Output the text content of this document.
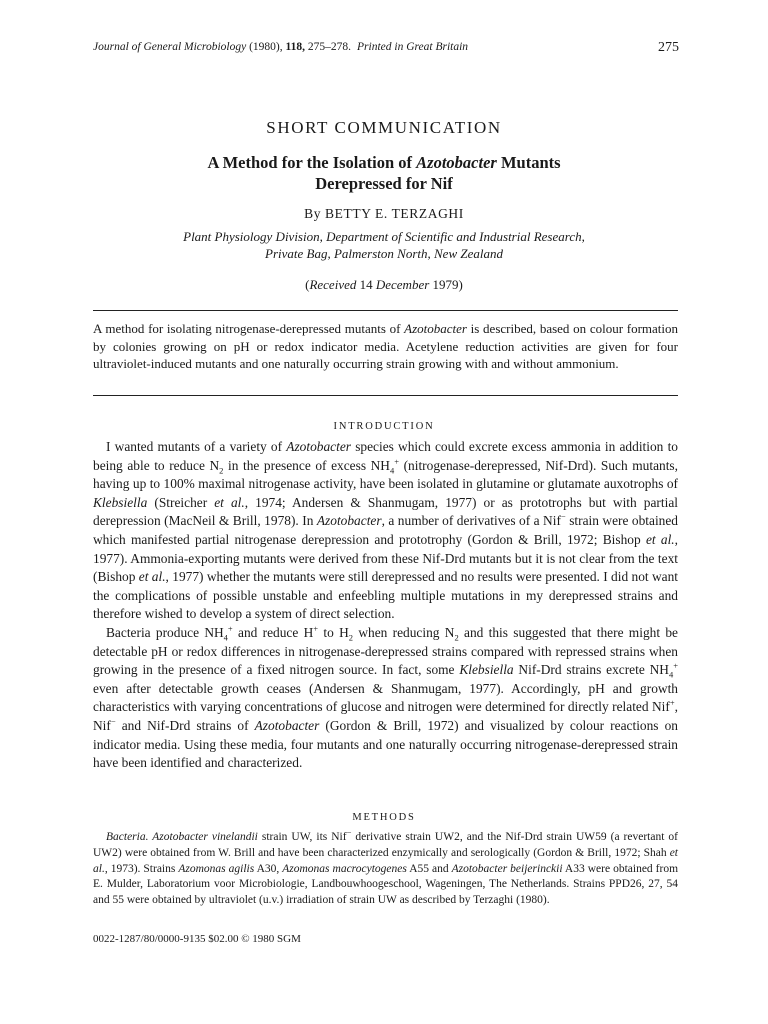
Journal of General Microbiology (1980), 118, 275–278. Printed in Great Britain	275
SHORT COMMUNICATION
A Method for the Isolation of Azotobacter Mutants
Derepressed for Nif
By BETTY E. TERZAGHI
Plant Physiology Division, Department of Scientific and Industrial Research,
Private Bag, Palmerston North, New Zealand
(Received 14 December 1979)
A method for isolating nitrogenase-derepressed mutants of Azotobacter is described, based on colour formation by colonies growing on pH or redox indicator media. Acetylene reduction activities are given for four ultraviolet-induced mutants and one naturally occurring strain growing with and without ammonium.
INTRODUCTION

I wanted mutants of a variety of Azotobacter species which could excrete excess ammonia in addition to being able to reduce $N_2$ in the presence of excess $NH_4^+$ (nitrogenase-derepressed, Nif-Drd). Such mutants, having up to 100% maximal nitrogenase activity, have been isolated in glutamine or glutamate auxotrophs of Klebsiella (Streicher et al., 1974; Andersen & Shanmugam, 1977) or as prototrophs but with partial derepression (MacNeil & Brill, 1978). In Azotobacter, a number of derivatives of a Nif− strain were obtained which manifested partial nitrogenase derepression and prototrophy (Gordon & Brill, 1972; Bishop et al., 1977). Ammonia-exporting mutants were derived from these Nif-Drd mutants but it is not clear from the text (Bishop et al., 1977) whether the mutants were still derepressed and no results were presented. I did not want the complications of possible unstable and enfeebling multiple mutations in my derepressed strains and therefore wished to develop a system of direct selection.

Bacteria produce $NH_4^+$ and reduce H+ to $H_2$ when reducing $N_2$ and this suggested that there might be detectable pH or redox differences in nitrogenase-derepressed strains compared with repressed strains when growing in the presence of a fixed nitrogen source. In fact, some Klebsiella Nif-Drd strains excrete $NH_4^+$ even after detectable growth ceases (Andersen & Shanmugam, 1977). Accordingly, pH and growth characteristics with varying concentrations of glucose and nitrogen were determined for directly related Nif+, Nif− and Nif-Drd strains of Azotobacter (Gordon & Brill, 1972) and visualized by colour reactions on indicator media. Using these media, four mutants and one naturally occurring nitrogenase-derepressed strain have been identified and characterized.

METHODS

Bacteria. Azotobacter vinelandii strain UW, its Nif− derivative strain UW2, and the Nif-Drd strain UW59 (a revertant of UW2) were obtained from W. Brill and have been characterized enzymically and serologically (Gordon & Brill, 1972; Shah et al., 1973). Strains Azomonas agilis A30, Azomonas macrocytogenes A55 and Azotobacter beijerinckii A33 were obtained from E. Mulder, Laboratorium voor Microbiologie, Landbouwhoogeschool, Wageningen, The Netherlands. Strains PPD26, 27, 54 and 55 were obtained by ultraviolet (u.v.) irradiation of strain UW as described by Terzaghi (1980).

0022-1287/80/0000-9135 $02.00 © 1980 SGM
